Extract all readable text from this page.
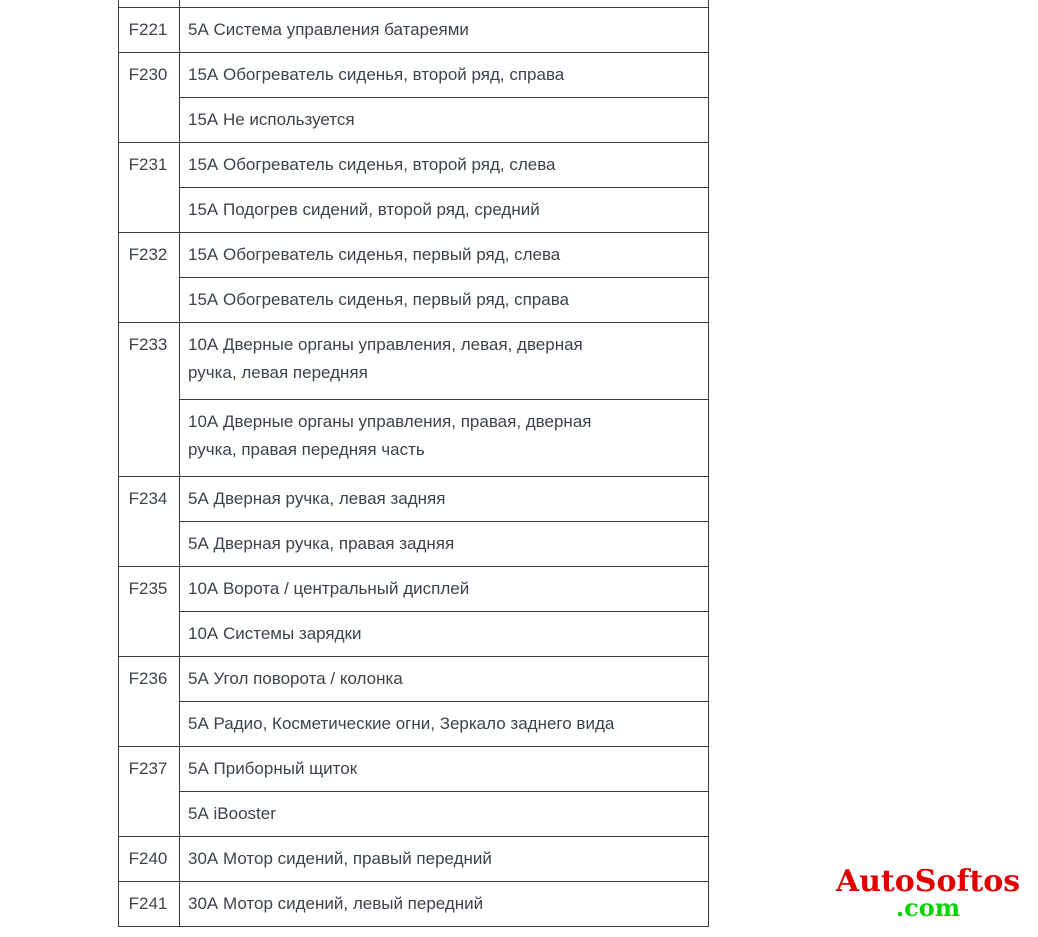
F221	5А Система управления батареями

F230	15А Обогреватель сиденья, второй ряд, справа

	15А Не используется

F231	15А Обогреватель сиденья, второй ряд, слева

	15А Подогрев сидений, второй ряд, средний

F232	15А Обогреватель сиденья, первый ряд, слева

	15А Обогреватель сиденья, первый ряд, справа

F233	10А Дверные органы управления, левая, дверная
ручка, левая передняя

	10А Дверные органы управления, правая, дверная
ручка, правая передняя часть

F234	5А Дверная ручка, левая задняя

	5А Дверная ручка, правая задняя

F235	10А Ворота / центральный дисплей

	10А Системы зарядки

F236	5А Угол поворота / колонка

	5А Радио, Косметические огни, Зеркало заднего вида

F237	5А Приборный щиток

	5А iBooster

F240	30А Мотор сидений, правый передний

F241	30А Мотор сидений, левый передний
AutoSoftos
.com
